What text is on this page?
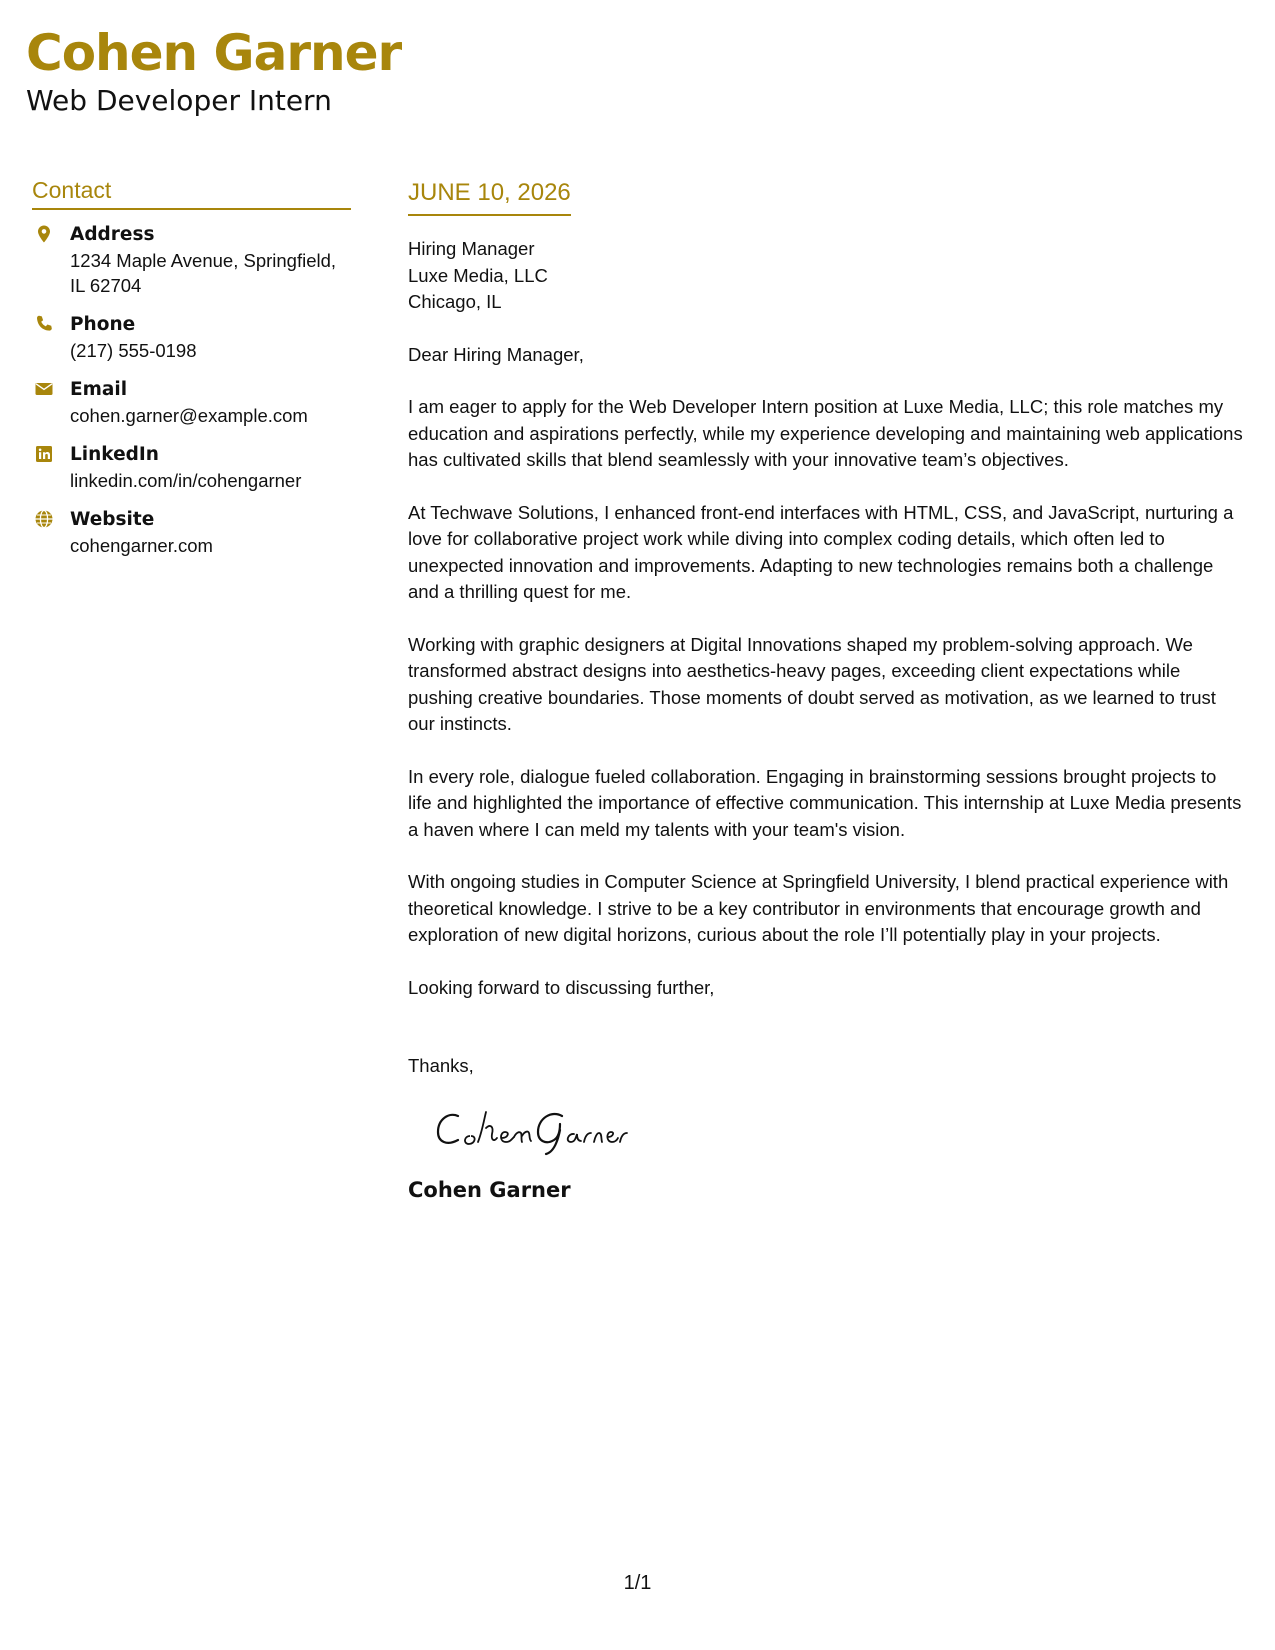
Cohen Garner
Web Developer Intern
Contact
Address
1234 Maple Avenue, Springfield,
IL 62704
Phone
(217) 555-0198
Email
cohen.garner@example.com
LinkedIn
linkedin.com/in/cohengarner
Website
cohengarner.com
JUNE 10, 2026
Hiring Manager
Luxe Media, LLC
Chicago, IL

Dear Hiring Manager,

I am eager to apply for the Web Developer Intern position at Luxe Media, LLC; this role matches my education and aspirations perfectly, while my experience developing and maintaining web applications has cultivated skills that blend seamlessly with your innovative team’s objectives.

At Techwave Solutions, I enhanced front-end interfaces with HTML, CSS, and JavaScript, nurturing a love for collaborative project work while diving into complex coding details, which often led to unexpected innovation and improvements. Adapting to new technologies remains both a challenge and a thrilling quest for me.

Working with graphic designers at Digital Innovations shaped my problem-solving approach. We transformed abstract designs into aesthetics-heavy pages, exceeding client expectations while pushing creative boundaries. Those moments of doubt served as motivation, as we learned to trust our instincts.

In every role, dialogue fueled collaboration. Engaging in brainstorming sessions brought projects to life and highlighted the importance of effective communication. This internship at Luxe Media presents a haven where I can meld my talents with your team's vision.

With ongoing studies in Computer Science at Springfield University, I blend practical experience with theoretical knowledge. I strive to be a key contributor in environments that encourage growth and exploration of new digital horizons, curious about the role I’ll potentially play in your projects.

Looking forward to discussing further,

Thanks,
Cohen Garner
1/1
